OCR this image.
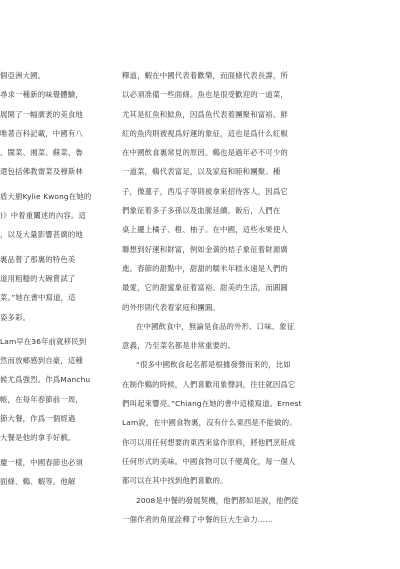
個亞洲大國。
尋求一種新的味覺體驗，
展開了一幅廣袤的美食地
唯著百科記載，中國有八
、閩菜、湘菜、蘇菜、魯
還包括佛教齋菜及穆斯林
盾大廚Kylie Kwong在她的
)》中着重闡述的內容。這
，以及大量影響甚廣的地
裏品嘗了那裏的特色美
道用粗糙的大碗嘗試了
菜。”她在書中寫道，這
姿多彩。
Lam早在36年前就移民到
然而放鄉感到自豪，這種
候尤爲強烈。作爲Manchu
帳，在每年春節前一周，
節大餐，作爲一個經過
大餐是他的拿手好戲。
慶一樣，中國春節也必須
面條、鷄、蝦等。他解
釋道，蝦在中國代表着歡樂，而面條代表長壽，所
以必須准備一些面條。魚也是很受歡迎的一道菜，
尤其是紅魚和鯰魚，因爲魚代表着團聚和富裕。鮮
紅的魚肉則被視爲好運的象征，這也是爲什么紅椒
在中國飲食裏常見的原因。鷄也是過年必不可少的
一道菜，鷄代表富足，以及家庭和睦和團聚。種
子，像蓮子，西瓜子等則被拿來招待客人，因爲它
們象征着多子多孫以及血脈延續。飯后，人們在
桌上擺上橘子、橙、柚子。在中國，這些水果使人
聯想到好運和財富，例如金黃的桔子象征着財源廣
進。春節的甜點中，甜甜的糯米年糕永遠是人們的
最愛，它的甜蜜象征着富裕、甜美的生活，而圓圓
的外形則代表着家庭和團圓。
在中國飲食中，無論是食品的外形、口味、象征
意義，乃至菜名都是非常重要的。
“很多中國飲食起名都是根據發聲而來的，比如
在制作鷄的時候，人們喜歡用象聲詞，往往就因爲它
們叫起來響亮。”Chiang在她的書中這樣寫道。Ernest
Lam說，在中國食物裏，沒有什么東西是不能做的。
你可以用任何想要的東西來當作原料，將他們烹飪成
任何形式的美味。中國食物可以千變萬化，每一個人
都可以在其中找到他們喜歡的。
2008是中餐的發展契機，他們都如是說，他們從
一個作者的角度詮釋了中餐的巨大生命力……
